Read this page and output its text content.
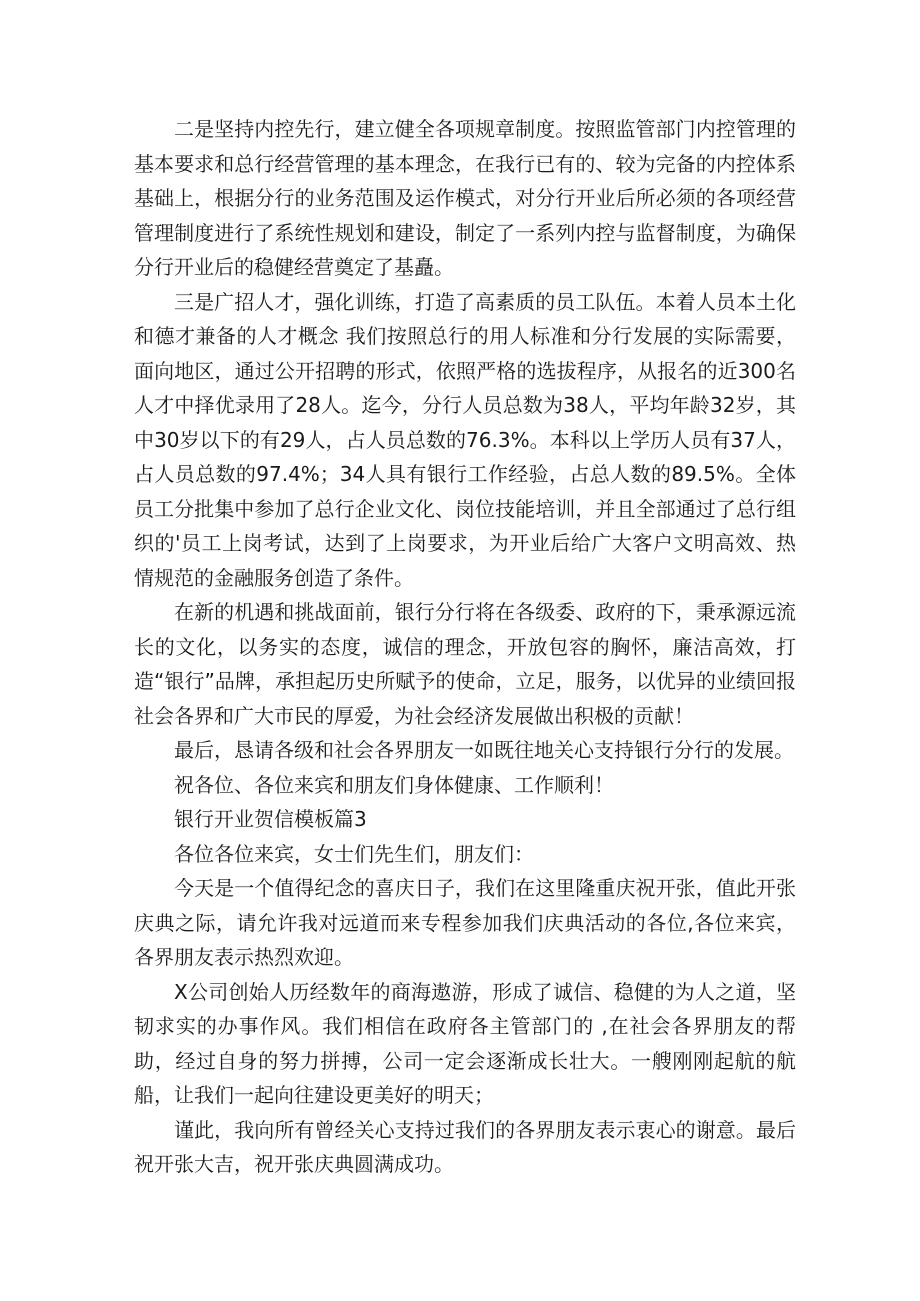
二是坚持内控先行，建立健全各项规章制度。按照监管部门内控管理的基本要求和总行经营管理的基本理念，在我行已有的、较为完备的内控体系基础上，根据分行的业务范围及运作模式，对分行开业后所必须的各项经营管理制度进行了系统性规划和建设，制定了一系列内控与监督制度，为确保分行开业后的稳健经营奠定了基矗。

三是广招人才，强化训练，打造了高素质的员工队伍。本着人员本土化和德才兼备的人才概念 我们按照总行的用人标准和分行发展的实际需要，面向地区，通过公开招聘的形式，依照严格的选拔程序，从报名的近300名人才中择优录用了28人。迄今，分行人员总数为38人，平均年龄32岁，其中30岁以下的有29人，占人员总数的76.3%。本科以上学历人员有37人，占人员总数的97.4%；34人具有银行工作经验，占总人数的89.5%。全体员工分批集中参加了总行企业文化、岗位技能培训，并且全部通过了总行组织的'员工上岗考试，达到了上岗要求，为开业后给广大客户文明高效、热情规范的金融服务创造了条件。

在新的机遇和挑战面前，银行分行将在各级委、政府的下，秉承源远流长的文化，以务实的态度，诚信的理念，开放包容的胸怀，廉洁高效，打造“银行”品牌，承担起历史所赋予的使命，立足，服务，以优异的业绩回报社会各界和广大市民的厚爱，为社会经济发展做出积极的贡献！

最后，恳请各级和社会各界朋友一如既往地关心支持银行分行的发展。

祝各位、各位来宾和朋友们身体健康、工作顺利！

银行开业贺信模板篇3

各位各位来宾，女士们先生们，朋友们：

今天是一个值得纪念的喜庆日子，我们在这里隆重庆祝开张，值此开张庆典之际，请允许我对远道而来专程参加我们庆典活动的各位,各位来宾，各界朋友表示热烈欢迎。

X公司创始人历经数年的商海遨游，形成了诚信、稳健的为人之道，坚韧求实的办事作风。我们相信在政府各主管部门的 ,在社会各界朋友的帮助，经过自身的努力拼搏，公司一定会逐渐成长壮大。一艘刚刚起航的航船，让我们一起向往建设更美好的明天；

谨此，我向所有曾经关心支持过我们的各界朋友表示衷心的谢意。最后祝开张大吉，祝开张庆典圆满成功。
